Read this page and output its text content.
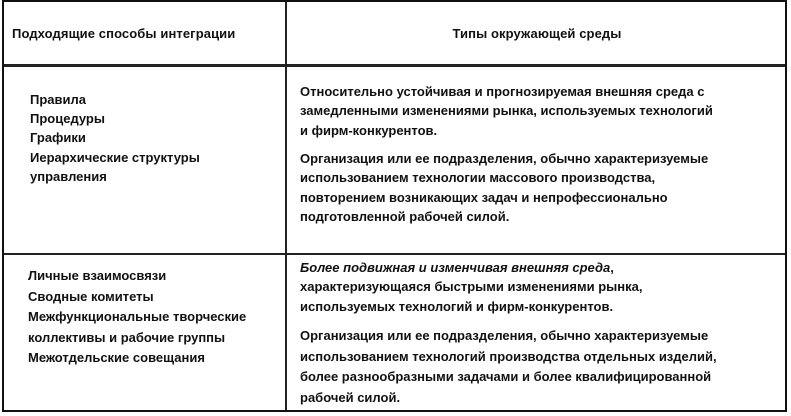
Подходящие способы интеграции	Типы окружающей среды
Правила
Процедуры
Графики
Иерархические структуры
управления

Относительно устойчивая и прогнозируемая внешняя среда с
замедленными изменениями рынка, используемых технологий
и фирм-конкурентов.

Организация или ее подразделения, обычно характеризуемые
использованием технологии массового производства,
повторением возникающих задач и непрофессионально
подготовленной рабочей силой.

Личные взаимосвязи
Сводные комитеты
Межфункциональные творческие
коллективы и рабочие группы
Межотдельские совещания

Более подвижная и изменчивая внешняя среда,
характеризующаяся быстрыми изменениями рынка,
используемых технологий и фирм-конкурентов.

Организация или ее подразделения, обычно характеризуемые
использованием технологий производства отдельных изделий,
более разнообразными задачами и более квалифицированной
рабочей силой.
